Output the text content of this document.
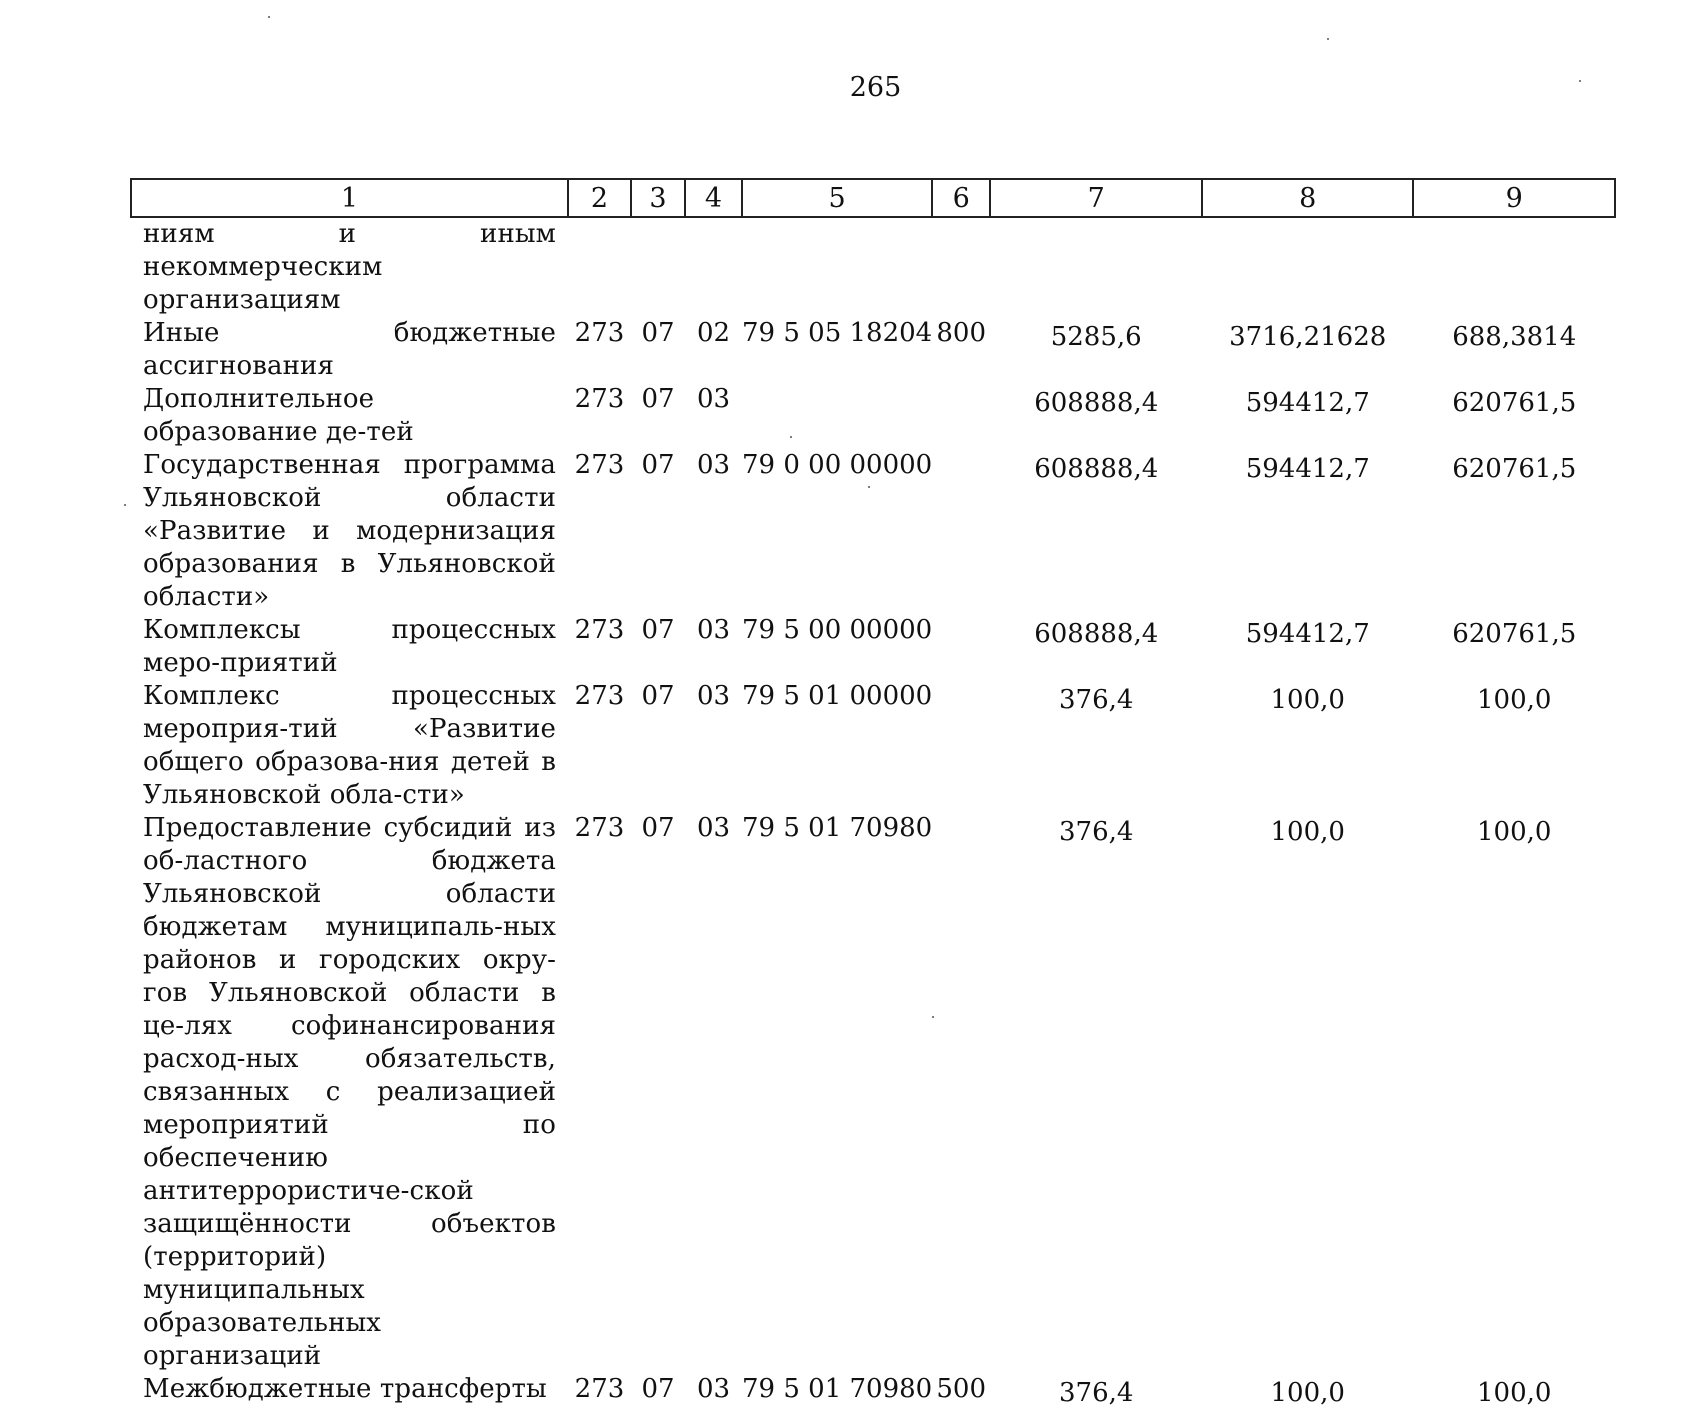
265
1	2	3	4	5	6	7	8	9
ниям и иным некоммерческим организациям								
Иные бюджетные ассигнования	273	07	02	79 5 05 18204	800	5285,6	3716,21628	688,3814
Дополнительное образование де-тей	273	07	03			608888,4	594412,7	620761,5
Государственная программа Ульяновской области «Развитие и модернизация образования в Ульяновской области»	273	07	03	79 0 00 00000		608888,4	594412,7	620761,5
Комплексы процессных меро-приятий	273	07	03	79 5 00 00000		608888,4	594412,7	620761,5
Комплекс процессных мероприя-тий «Развитие общего образова-ния детей в Ульяновской обла-сти»	273	07	03	79 5 01 00000		376,4	100,0	100,0
Предоставление субсидий из об-ластного бюджета Ульяновской области бюджетам муниципаль-ных районов и городских окру-гов Ульяновской области в це-лях софинансирования расход-ных обязательств, связанных с реализацией мероприятий по обеспечению антитеррористиче-ской защищённости объектов (территорий) муниципальных образовательных организаций	273	07	03	79 5 01 70980		376,4	100,0	100,0
Межбюджетные трансферты	273	07	03	79 5 01 70980	500	376,4	100,0	100,0
